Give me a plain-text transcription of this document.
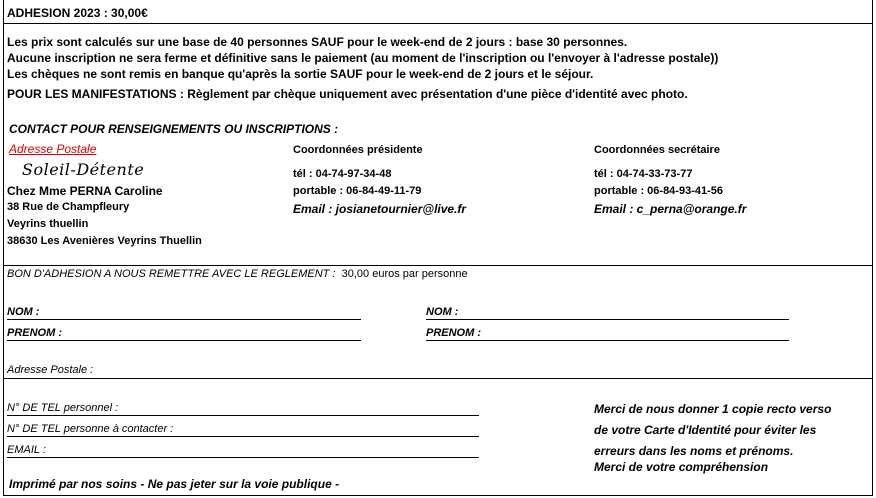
ADHESION 2023 : 30,00€
Les prix sont calculés sur une base de 40 personnes SAUF pour le week-end de 2 jours : base 30 personnes.
Aucune inscription ne sera ferme et définitive sans le paiement (au moment de l'inscription ou l'envoyer à l'adresse postale))
Les chèques ne sont remis en banque qu'après la sortie SAUF pour le week-end de 2 jours et le séjour.
POUR LES MANIFESTATIONS : Règlement par chèque uniquement avec présentation d'une pièce d'identité avec photo.
CONTACT POUR RENSEIGNEMENTS OU INSCRIPTIONS :
Adresse Postale
Soleil-Détente
Chez Mme PERNA Caroline
38 Rue de Champfleury
Veyrins thuellin
38630 Les Avenières Veyrins Thuellin
Coordonnées présidente
tél : 04-74-97-34-48
portable : 06-84-49-11-79
Email : josianetournier@live.fr
Coordonnées secrétaire
tél : 04-74-33-73-77
portable : 06-84-93-41-56
Email : c_perna@orange.fr
BON D'ADHESION A NOUS REMETTRE AVEC LE REGLEMENT : 30,00 euros par personne
NOM :
PRENOM :
NOM :
PRENOM :
Adresse Postale :
N° DE TEL personnel :
N° DE TEL personne à contacter :
EMAIL :
Merci de nous donner 1 copie recto verso
de votre Carte d'Identité pour éviter les
erreurs dans les noms et prénoms.
Merci de votre compréhension
Imprimé par nos soins - Ne pas jeter sur la voie publique -
